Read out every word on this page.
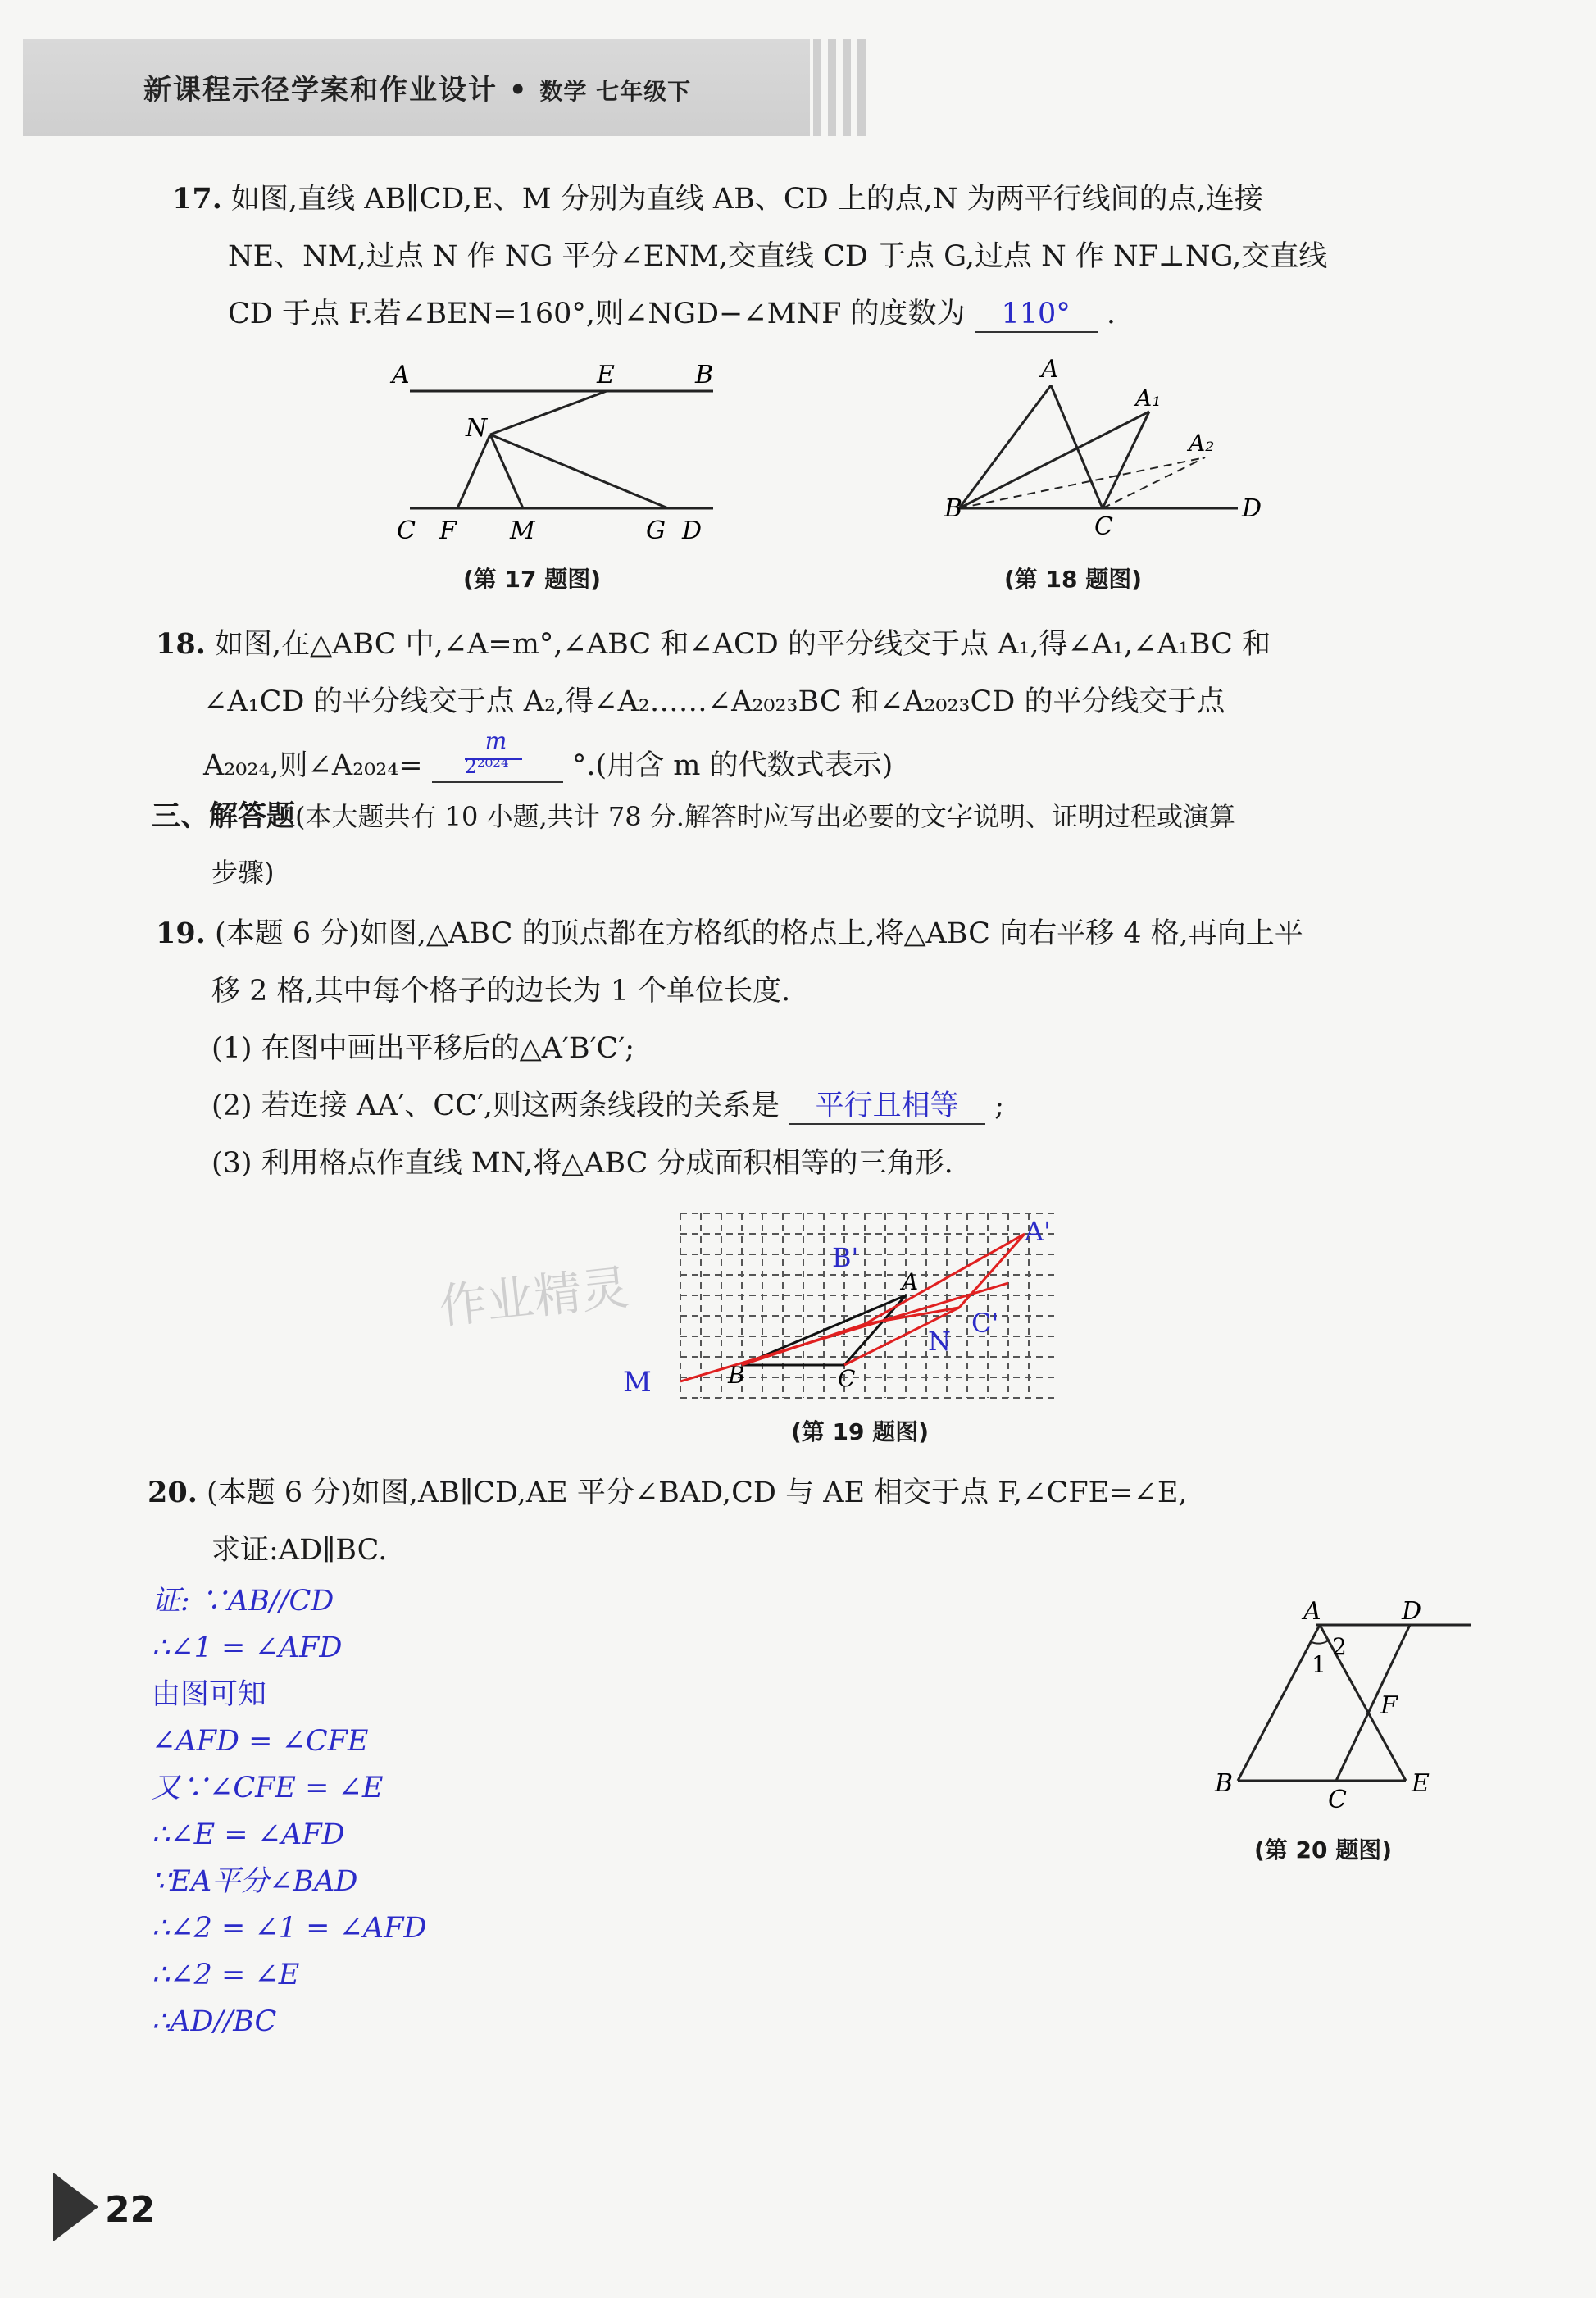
新课程示径学案和作业设计 • 数学 七年级下
17. 如图,直线 AB∥CD,E、M 分别为直线 AB、CD 上的点,N 为两平行线间的点,连接
NE、NM,过点 N 作 NG 平分∠ENM,交直线 CD 于点 G,过点 N 作 NF⊥NG,交直线
CD 于点 F.若∠BEN=160°,则∠NGD−∠MNF 的度数为 110° .
A	E	B
N
C F M	G D
(第 17 题图)
A
A₁
A₂
B
C
D
(第 18 题图)
18. 如图,在△ABC 中,∠A=m°,∠ABC 和∠ACD 的平分线交于点 A₁,得∠A₁,∠A₁BC 和
∠A₁CD 的平分线交于点 A₂,得∠A₂……∠A₂₀₂₃BC 和∠A₂₀₂₃CD 的平分线交于点
A₂₀₂₄,则∠A₂₀₂₄= $\frac{m}{\text{2²⁰²⁴}}$ °.(用含 m 的代数式表示)
三、解答题(本大题共有 10 小题,共计 78 分.解答时应写出必要的文字说明、证明过程或演算
步骤)
19. (本题 6 分)如图,△ABC 的顶点都在方格纸的格点上,将△ABC 向右平移 4 格,再向上平
移 2 格,其中每个格子的边长为 1 个单位长度.
(1) 在图中画出平移后的△A′B′C′;
(2) 若连接 AA′、CC′,则这两条线段的关系是 平行且相等 ;
(3) 利用格点作直线 MN,将△ABC 分成面积相等的三角形.
M	B	C
A
A'
B'
C'
N
作业精灵
(第 19 题图)
20. (本题 6 分)如图,AB∥CD,AE 平分∠BAD,CD 与 AE 相交于点 F,∠CFE=∠E,
求证:AD∥BC.
证: ∵AB//CD
∴∠1 = ∠AFD
由图可知
∠AFD = ∠CFE
又∵∠CFE = ∠E
∴∠E = ∠AFD
∵EA平分∠BAD
∴∠2 = ∠1 = ∠AFD
∴∠2 = ∠E
∴AD//BC
A	D
2
1
F
B
C
E
(第 20 题图)
22
